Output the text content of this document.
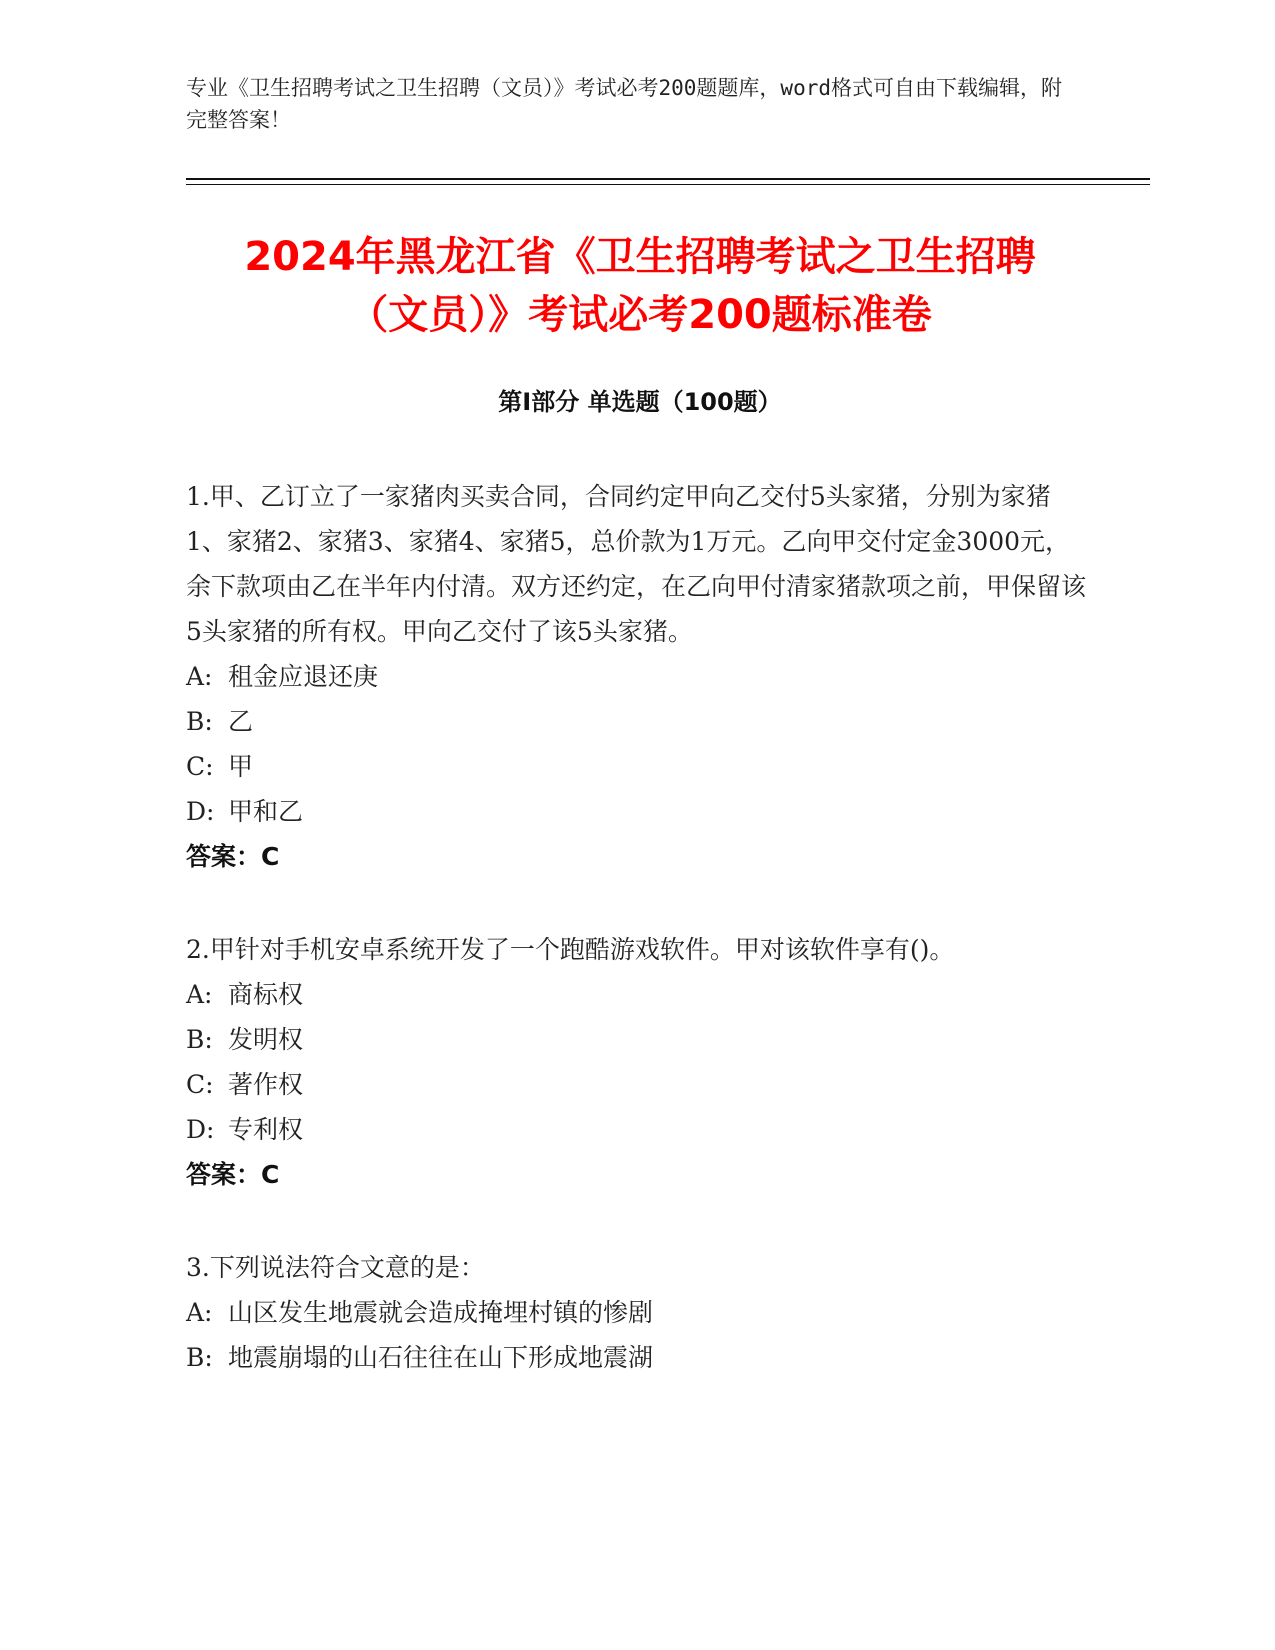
专业《卫生招聘考试之卫生招聘（文员）》考试必考200题题库，word格式可自由下载编辑，附完整答案！
2024年黑龙江省《卫生招聘考试之卫生招聘
（文员）》考试必考200题标准卷
第I部分 单选题（100题）

1.甲、乙订立了一家猪肉买卖合同，合同约定甲向乙交付5头家猪，分别为家猪1、家猪2、家猪3、家猪4、家猪5，总价款为1万元。乙向甲交付定金3000元，余下款项由乙在半年内付清。双方还约定，在乙向甲付清家猪款项之前，甲保留该5头家猪的所有权。甲向乙交付了该5头家猪。

A: 租金应退还庚

B: 乙

C: 甲

D: 甲和乙

答案：C

2.甲针对手机安卓系统开发了一个跑酷游戏软件。甲对该软件享有()。

A: 商标权

B: 发明权

C: 著作权

D: 专利权

答案：C

3.下列说法符合文意的是：

A: 山区发生地震就会造成掩埋村镇的惨剧

B: 地震崩塌的山石往往在山下形成地震湖
